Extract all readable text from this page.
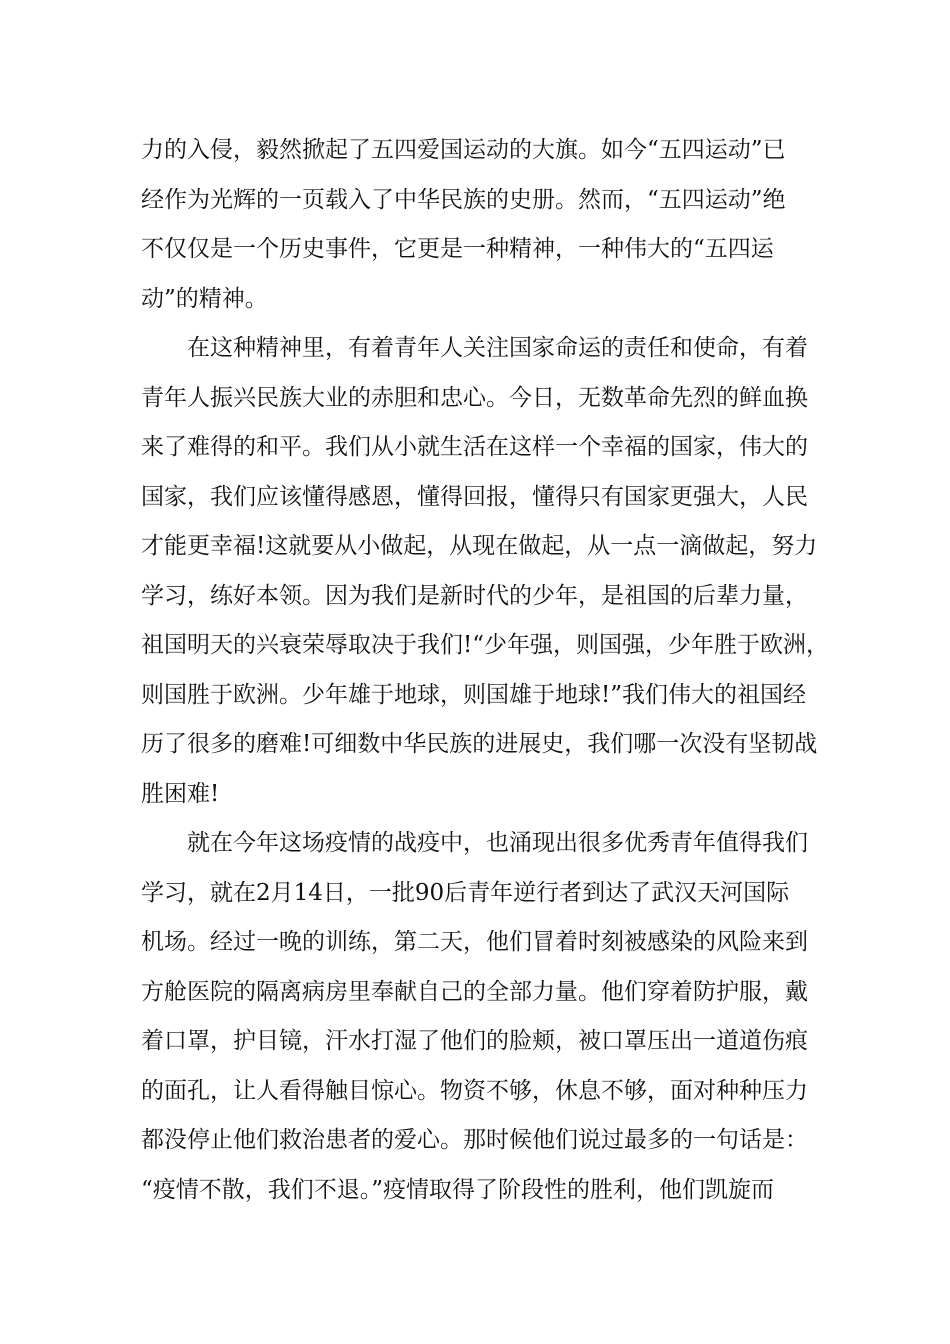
力的入侵，毅然掀起了五四爱国运动的大旗。如今“五四运动”已
经作为光辉的一页载入了中华民族的史册。然而，“五四运动”绝
不仅仅是一个历史事件，它更是一种精神，一种伟大的“五四运
动”的精神。
在这种精神里，有着青年人关注国家命运的责任和使命，有着
青年人振兴民族大业的赤胆和忠心。今日，无数革命先烈的鲜血换
来了难得的和平。我们从小就生活在这样一个幸福的国家，伟大的
国家，我们应该懂得感恩，懂得回报，懂得只有国家更强大，人民
才能更幸福!这就要从小做起，从现在做起，从一点一滴做起，努力
学习，练好本领。因为我们是新时代的少年，是祖国的后辈力量，
祖国明天的兴衰荣辱取决于我们!“少年强，则国强，少年胜于欧洲，
则国胜于欧洲。少年雄于地球，则国雄于地球!”我们伟大的祖国经
历了很多的磨难!可细数中华民族的进展史，我们哪一次没有坚韧战
胜困难!
就在今年这场疫情的战疫中，也涌现出很多优秀青年值得我们
学习，就在2月14日，一批90后青年逆行者到达了武汉天河国际
机场。经过一晚的训练，第二天，他们冒着时刻被感染的风险来到
方舱医院的隔离病房里奉献自己的全部力量。他们穿着防护服，戴
着口罩，护目镜，汗水打湿了他们的脸颊，被口罩压出一道道伤痕
的面孔，让人看得触目惊心。物资不够，休息不够，面对种种压力
都没停止他们救治患者的爱心。那时候他们说过最多的一句话是：
“疫情不散，我们不退。”疫情取得了阶段性的胜利，他们凯旋而
